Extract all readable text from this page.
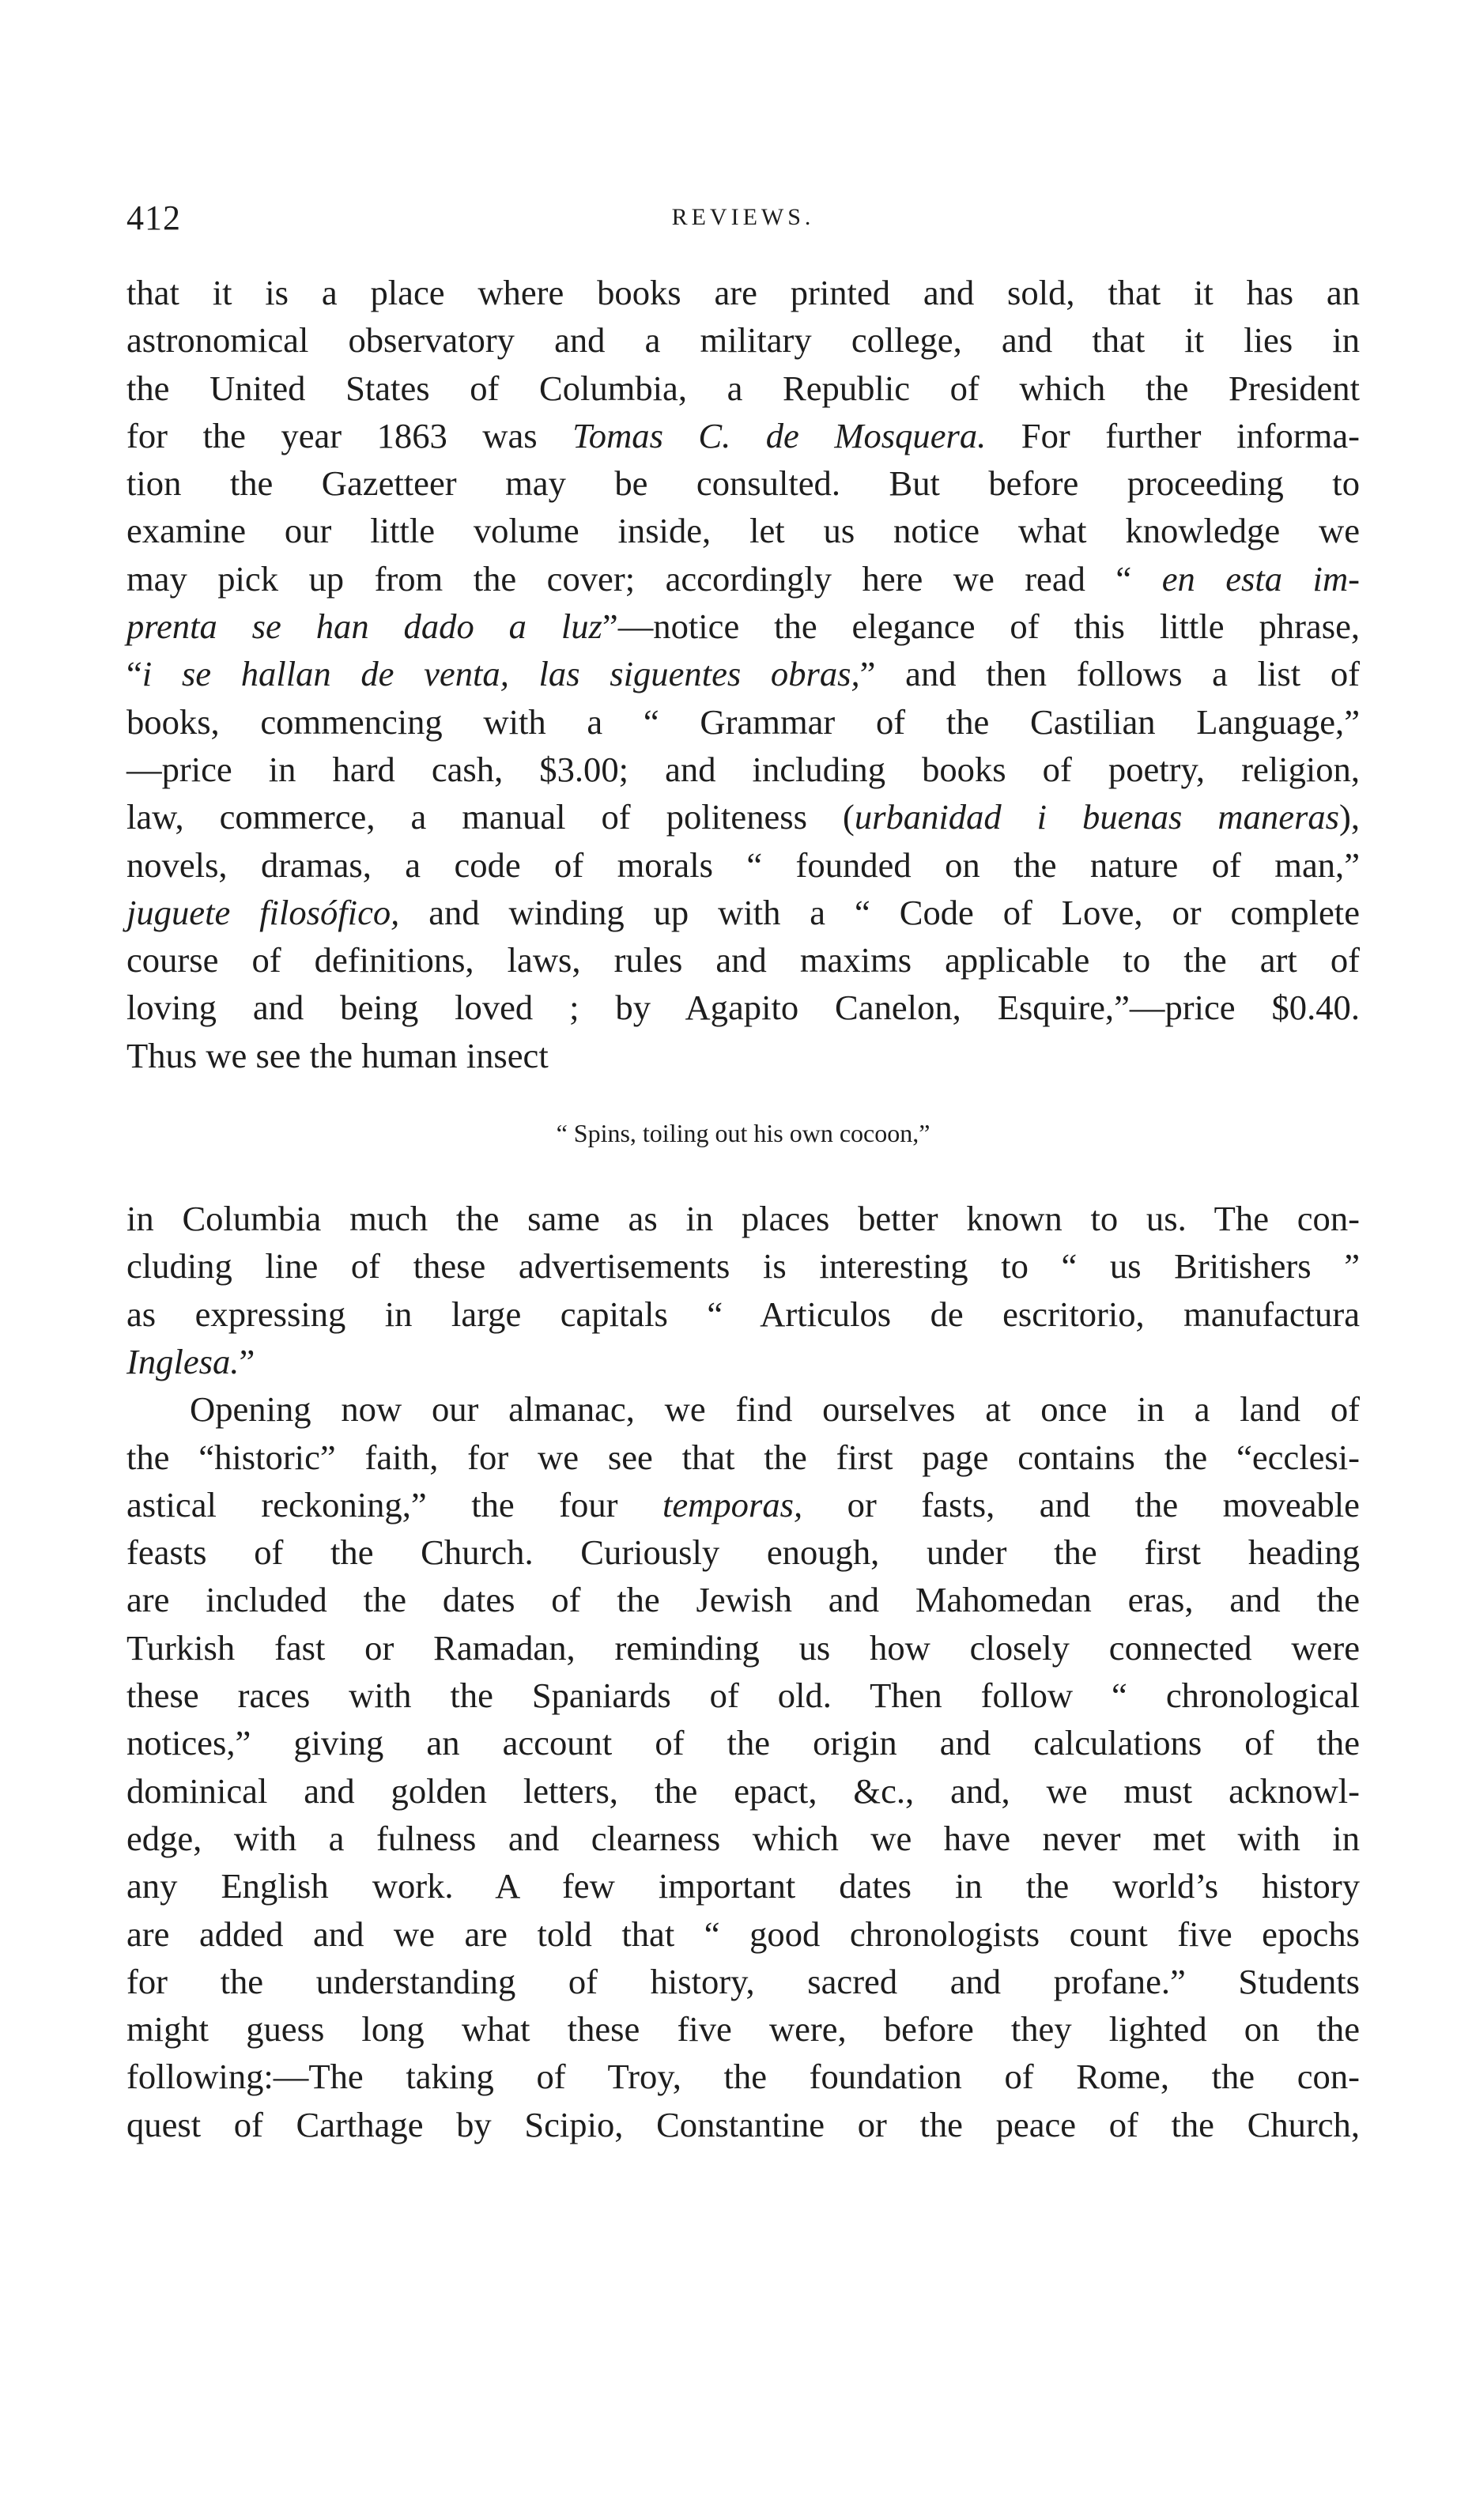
412	REVIEWS.

that it is a place where books are printed and sold, that it has an

astronomical observatory and a military college, and that it lies in

the United States of Columbia, a Republic of which the President

for the year 1863 was Tomas C. de Mosquera. For further informa-

tion the Gazetteer may be consulted. But before proceeding to

examine our little volume inside, let us notice what knowledge we

may pick up from the cover; accordingly here we read “ en esta im-

prenta se han dado a luz”—notice the elegance of this little phrase,

“i se hallan de venta, las siguentes obras,” and then follows a list of

books, commencing with a “ Grammar of the Castilian Language,”

—price in hard cash, $3.00; and including books of poetry, religion,

law, commerce, a manual of politeness (urbanidad i buenas maneras),

novels, dramas, a code of morals “ founded on the nature of man,”

juguete filosófico, and winding up with a “ Code of Love, or complete

course of definitions, laws, rules and maxims applicable to the art of

loving and being loved ; by Agapito Canelon, Esquire,”—price $0.40.

Thus we see the human insect

“ Spins, toiling out his own cocoon,”

in Columbia much the same as in places better known to us. The con-

cluding line of these advertisements is interesting to “ us Britishers ”

as expressing in large capitals “ Articulos de escritorio, manufactura

Inglesa.”

Opening now our almanac, we find ourselves at once in a land of

the “historic” faith, for we see that the first page contains the “ecclesi-

astical reckoning,” the four temporas, or fasts, and the moveable

feasts of the Church. Curiously enough, under the first heading

are included the dates of the Jewish and Mahomedan eras, and the

Turkish fast or Ramadan, reminding us how closely connected were

these races with the Spaniards of old. Then follow “ chronological

notices,” giving an account of the origin and calculations of the

dominical and golden letters, the epact, &c., and, we must acknowl-

edge, with a fulness and clearness which we have never met with in

any English work. A few important dates in the world’s history

are added and we are told that “ good chronologists count five epochs

for the understanding of history, sacred and profane.” Students

might guess long what these five were, before they lighted on the

following:—The taking of Troy, the foundation of Rome, the con-

quest of Carthage by Scipio, Constantine or the peace of the Church,
